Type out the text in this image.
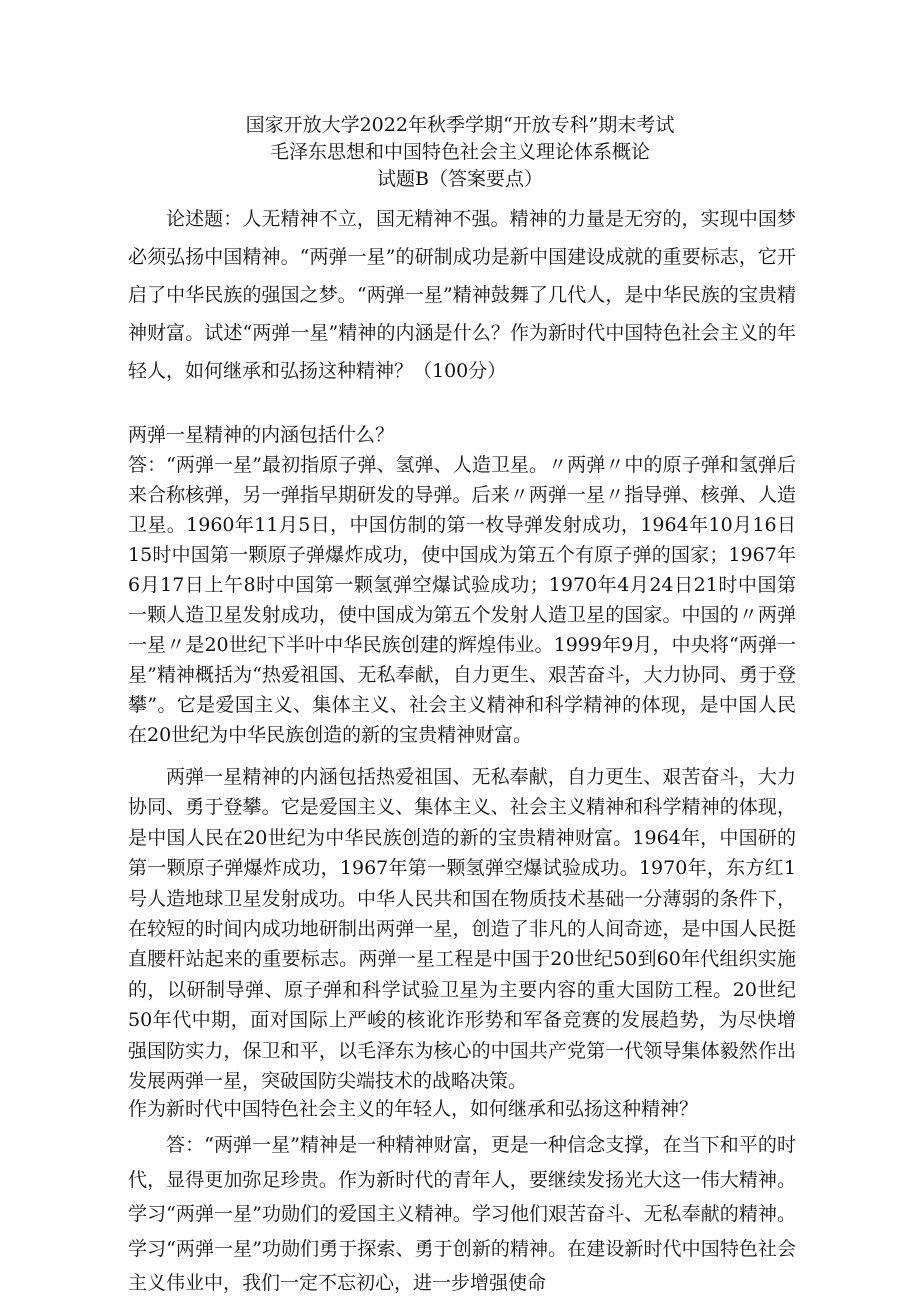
国家开放大学2022年秋季学期“开放专科”期末考试
毛泽东思想和中国特色社会主义理论体系概论
试题B（答案要点）

论述题：人无精神不立，国无精神不强。精神的力量是无穷的，实现中国梦必须弘扬中国精神。“两弹一星”的研制成功是新中国建设成就的重要标志，它开启了中华民族的强国之梦。“两弹一星”精神鼓舞了几代人，是中华民族的宝贵精神财富。试述“两弹一星”精神的内涵是什么？作为新时代中国特色社会主义的年轻人，如何继承和弘扬这种精神？（100分）

两弹一星精神的内涵包括什么？

答：“两弹一星”最初指原子弹、氢弹、人造卫星。〃两弹〃中的原子弹和氢弹后来合称核弹，另一弹指早期研发的导弹。后来〃两弹一星〃指导弹、核弹、人造卫星。1960年11月5日，中国仿制的第一枚导弹发射成功，1964年10月16日15时中国第一颗原子弹爆炸成功，使中国成为第五个有原子弹的国家；1967年6月17日上午8时中国第一颗氢弹空爆试验成功；1970年4月24日21时中国第一颗人造卫星发射成功，使中国成为第五个发射人造卫星的国家。中国的〃两弹一星〃是20世纪下半叶中华民族创建的辉煌伟业。1999年9月，中央将“两弹一星”精神概括为“热爱祖国、无私奉献，自力更生、艰苦奋斗，大力协同、勇于登攀”。它是爱国主义、集体主义、社会主义精神和科学精神的体现，是中国人民在20世纪为中华民族创造的新的宝贵精神财富。

两弹一星精神的内涵包括热爱祖国、无私奉献，自力更生、艰苦奋斗，大力协同、勇于登攀。它是爱国主义、集体主义、社会主义精神和科学精神的体现，是中国人民在20世纪为中华民族创造的新的宝贵精神财富。1964年，中国研的第一颗原子弹爆炸成功，1967年第一颗氢弹空爆试验成功。1970年，东方红1号人造地球卫星发射成功。中华人民共和国在物质技术基础一分薄弱的条件下，在较短的时间内成功地研制出两弹一星，创造了非凡的人间奇迹，是中国人民挺直腰杆站起来的重要标志。两弹一星工程是中国于20世纪50到60年代组织实施的，以研制导弹、原子弹和科学试验卫星为主要内容的重大国防工程。20世纪50年代中期，面对国际上严峻的核讹诈形势和军备竞赛的发展趋势，为尽快增强国防实力，保卫和平，以毛泽东为核心的中国共产党第一代领导集体毅然作出发展两弹一星，突破国防尖端技术的战略决策。

作为新时代中国特色社会主义的年轻人，如何继承和弘扬这种精神？

答：“两弹一星”精神是一种精神财富，更是一种信念支撑，在当下和平的时代，显得更加弥足珍贵。作为新时代的青年人，要继续发扬光大这一伟大精神。学习“两弹一星”功勋们的爱国主义精神。学习他们艰苦奋斗、无私奉献的精神。学习“两弹一星”功勋们勇于探索、勇于创新的精神。在建设新时代中国特色社会主义伟业中，我们一定不忘初心，进一步增强使命
